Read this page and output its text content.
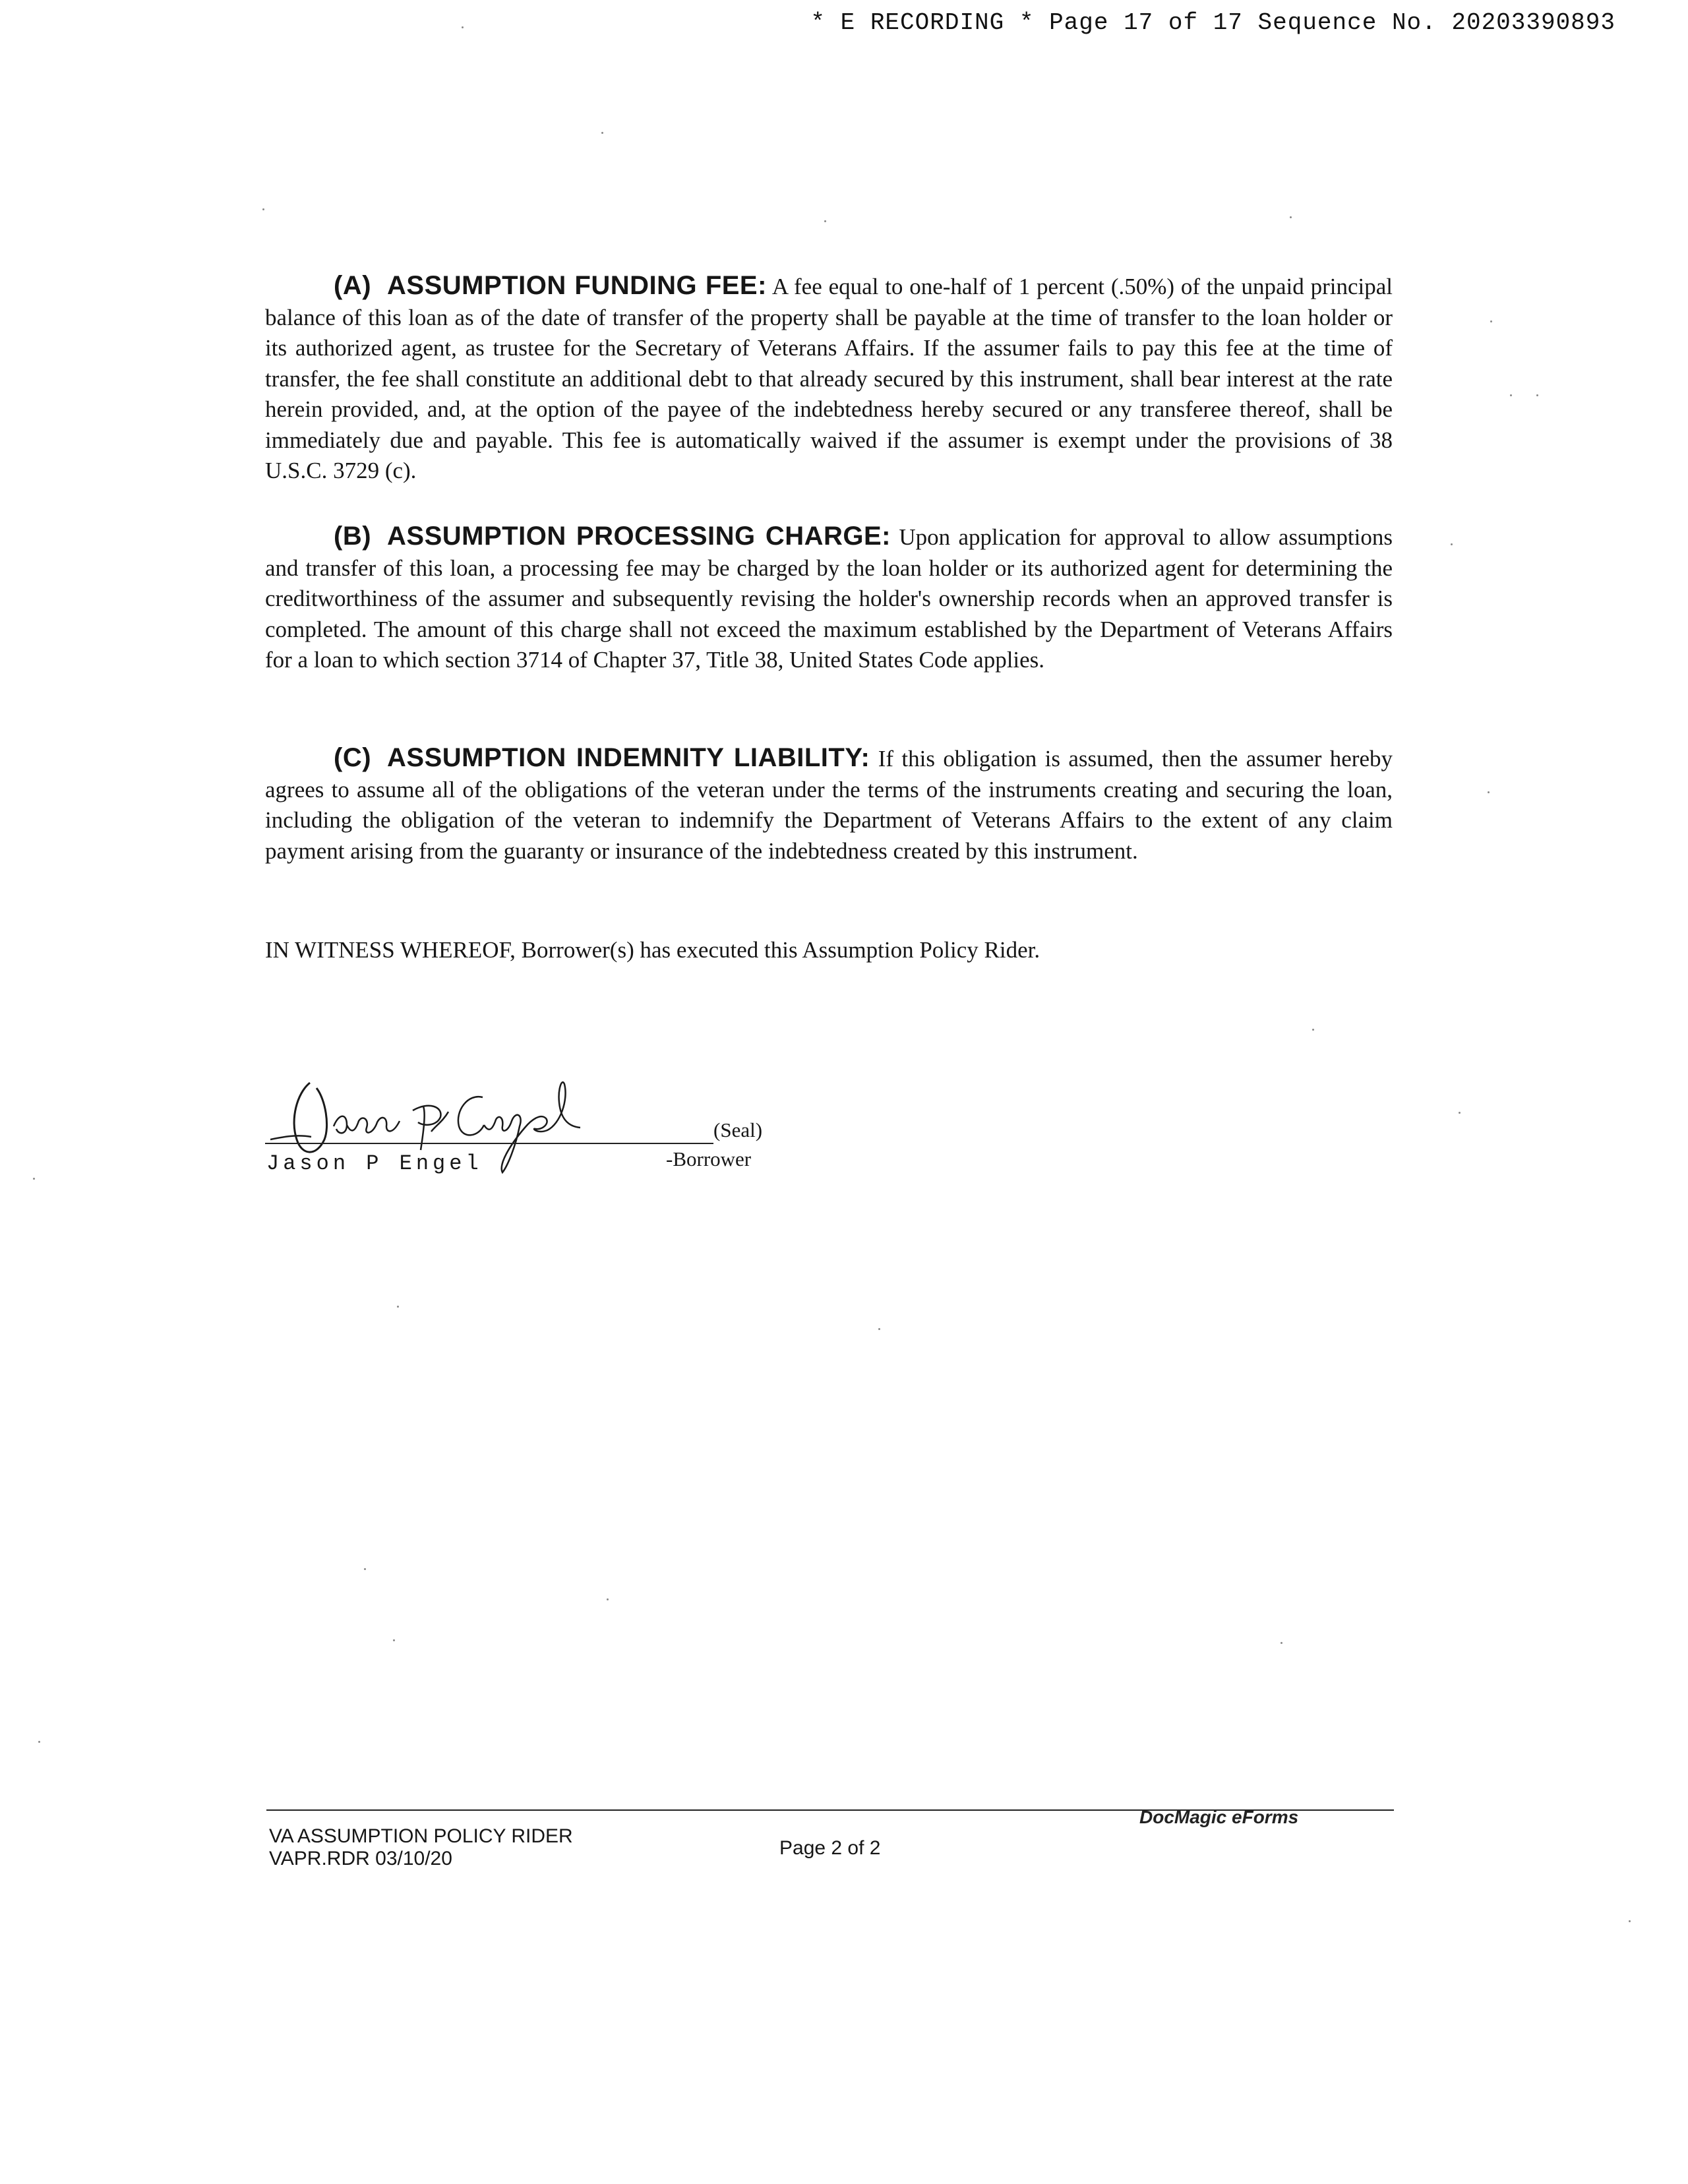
* E RECORDING * Page 17 of 17 Sequence No. 20203390893
(A) ASSUMPTION FUNDING FEE: A fee equal to one-half of 1 percent (.50%) of the unpaid principal balance of this loan as of the date of transfer of the property shall be payable at the time of transfer to the loan holder or its authorized agent, as trustee for the Secretary of Veterans Affairs. If the assumer fails to pay this fee at the time of transfer, the fee shall constitute an additional debt to that already secured by this instrument, shall bear interest at the rate herein provided, and, at the option of the payee of the indebtedness hereby secured or any transferee thereof, shall be immediately due and payable. This fee is automatically waived if the assumer is exempt under the provisions of 38 U.S.C. 3729 (c).
(B) ASSUMPTION PROCESSING CHARGE: Upon application for approval to allow assumptions and transfer of this loan, a processing fee may be charged by the loan holder or its authorized agent for determining the creditworthiness of the assumer and subsequently revising the holder's ownership records when an approved transfer is completed. The amount of this charge shall not exceed the maximum established by the Department of Veterans Affairs for a loan to which section 3714 of Chapter 37, Title 38, United States Code applies.
(C) ASSUMPTION INDEMNITY LIABILITY: If this obligation is assumed, then the assumer hereby agrees to assume all of the obligations of the veteran under the terms of the instruments creating and securing the loan, including the obligation of the veteran to indemnify the Department of Veterans Affairs to the extent of any claim payment arising from the guaranty or insurance of the indebtedness created by this instrument.
IN WITNESS WHEREOF, Borrower(s) has executed this Assumption Policy Rider.
(Seal)
Jason P Engel	-Borrower
VA ASSUMPTION POLICY RIDER
VAPR.RDR 03/10/20	Page 2 of 2
DocMagic eForms
